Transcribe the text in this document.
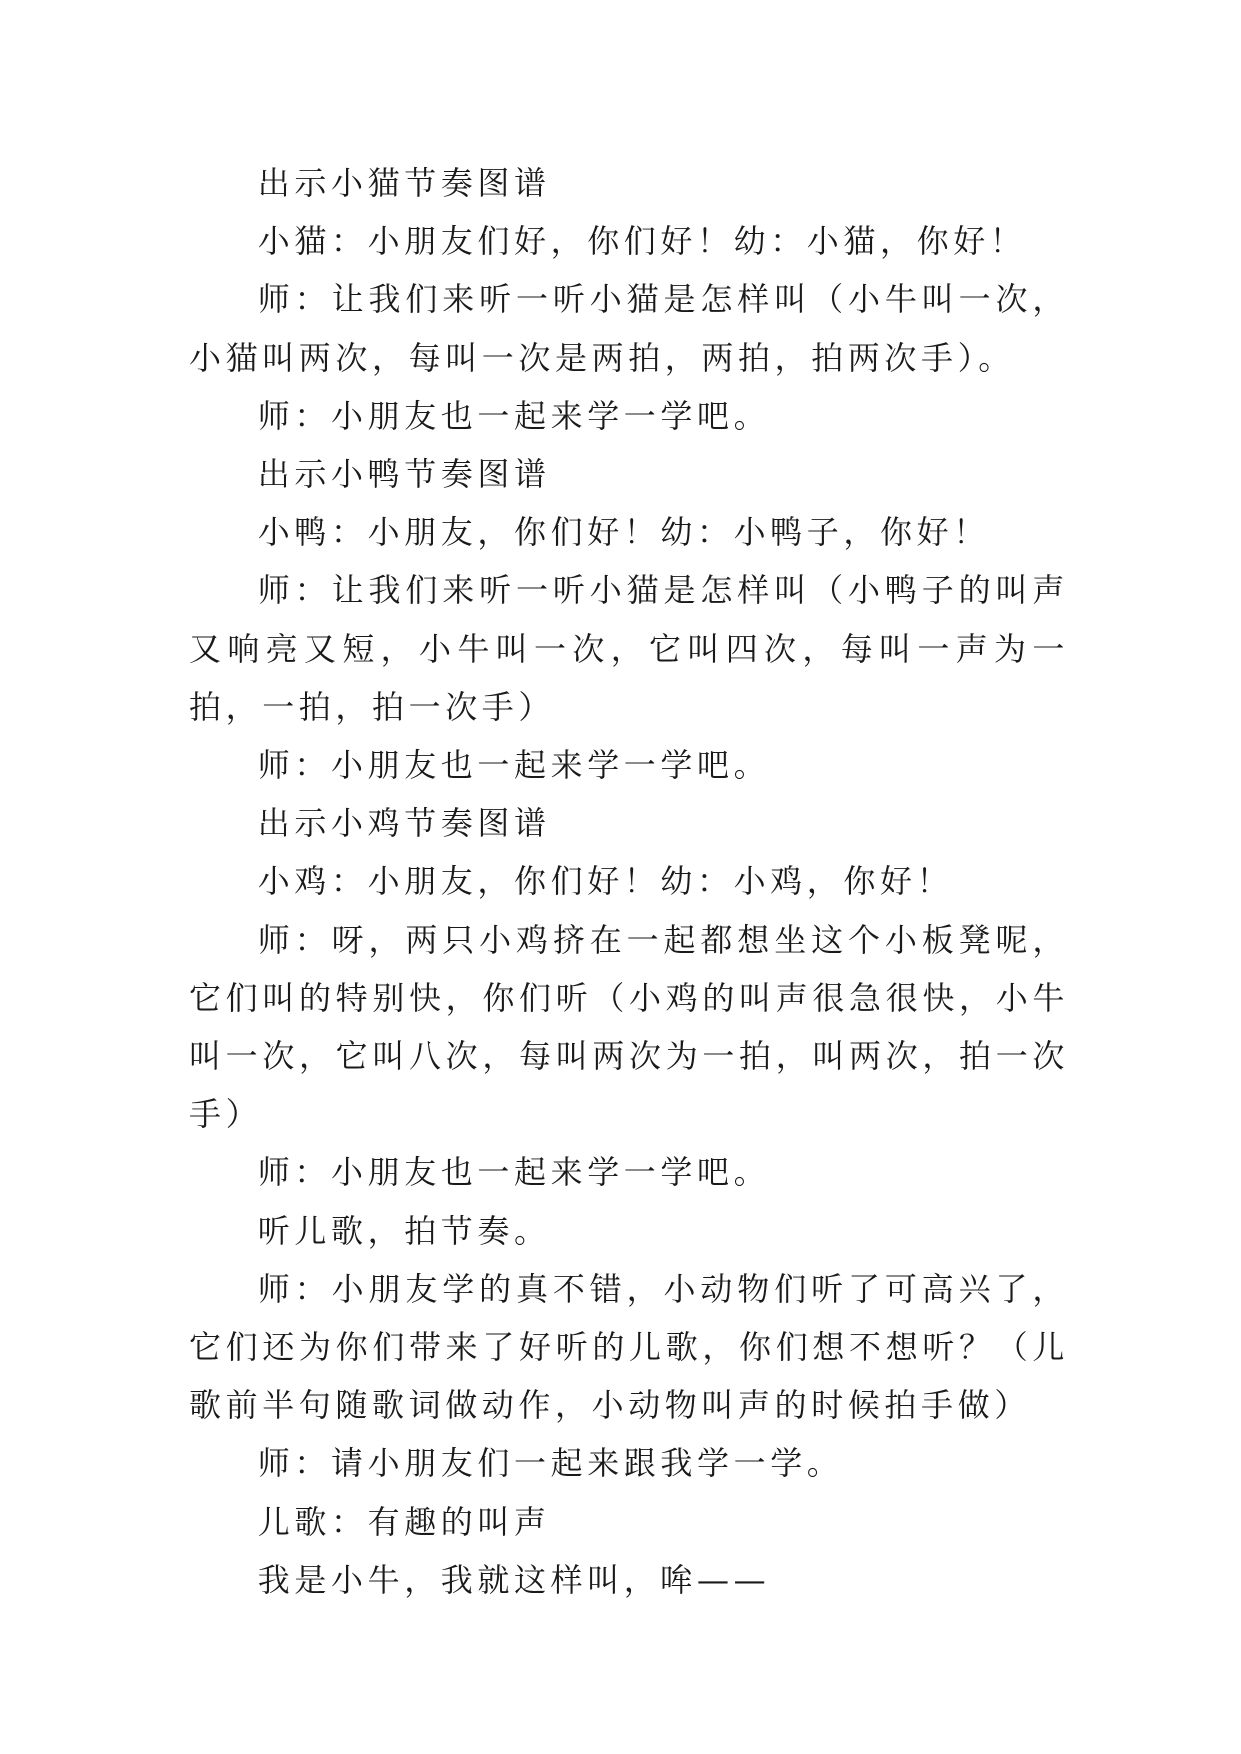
出示小猫节奏图谱

小猫：小朋友们好，你们好！幼：小猫，你好！

师：让我们来听一听小猫是怎样叫（小牛叫一次，小猫叫两次，每叫一次是两拍，两拍，拍两次手）。

师：小朋友也一起来学一学吧。

出示小鸭节奏图谱

小鸭：小朋友，你们好！幼：小鸭子，你好！

师：让我们来听一听小猫是怎样叫（小鸭子的叫声又响亮又短，小牛叫一次，它叫四次，每叫一声为一拍，一拍，拍一次手）

师：小朋友也一起来学一学吧。

出示小鸡节奏图谱

小鸡：小朋友，你们好！幼：小鸡，你好！

师：呀，两只小鸡挤在一起都想坐这个小板凳呢，它们叫的特别快，你们听（小鸡的叫声很急很快，小牛叫一次，它叫八次，每叫两次为一拍，叫两次，拍一次手）

师：小朋友也一起来学一学吧。

听儿歌，拍节奏。

师：小朋友学的真不错，小动物们听了可高兴了，它们还为你们带来了好听的儿歌，你们想不想听？（儿歌前半句随歌词做动作，小动物叫声的时候拍手做）

师：请小朋友们一起来跟我学一学。

儿歌：有趣的叫声

我是小牛，我就这样叫，哞——
